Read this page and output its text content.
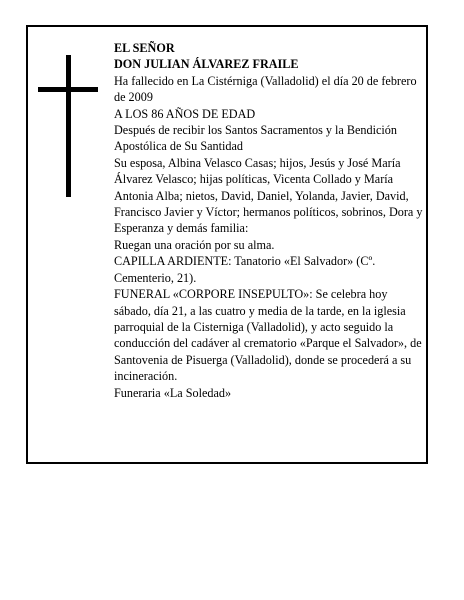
EL SEÑOR

DON JULIAN ÁLVAREZ FRAILE

Ha fallecido en La Cistérniga (Valladolid) el día 20 de febrero de 2009

A LOS 86 AÑOS DE EDAD

Después de recibir los Santos Sacramentos y la Bendición Apostólica de Su Santidad

Su esposa, Albina Velasco Casas; hijos, Jesús y José María Álvarez Velasco; hijas políticas, Vicenta Collado y María Antonia Alba; nietos, David, Daniel, Yolanda, Javier, David, Francisco Javier y Víctor; hermanos políticos, sobrinos, Dora y Esperanza y demás familia:

Ruegan una oración por su alma.

CAPILLA ARDIENTE: Tanatorio «El Salvador» (Cº. Cementerio, 21).

FUNERAL «CORPORE INSEPULTO»: Se celebra hoy sábado, día 21, a las cuatro y media de la tarde, en la iglesia parroquial de la Cisterniga (Valladolid), y acto seguido la conducción del cadáver al crematorio «Parque el Salvador», de Santovenia de Pisuerga (Valladolid), donde se procederá a su incineración.

Funeraria «La Soledad»
